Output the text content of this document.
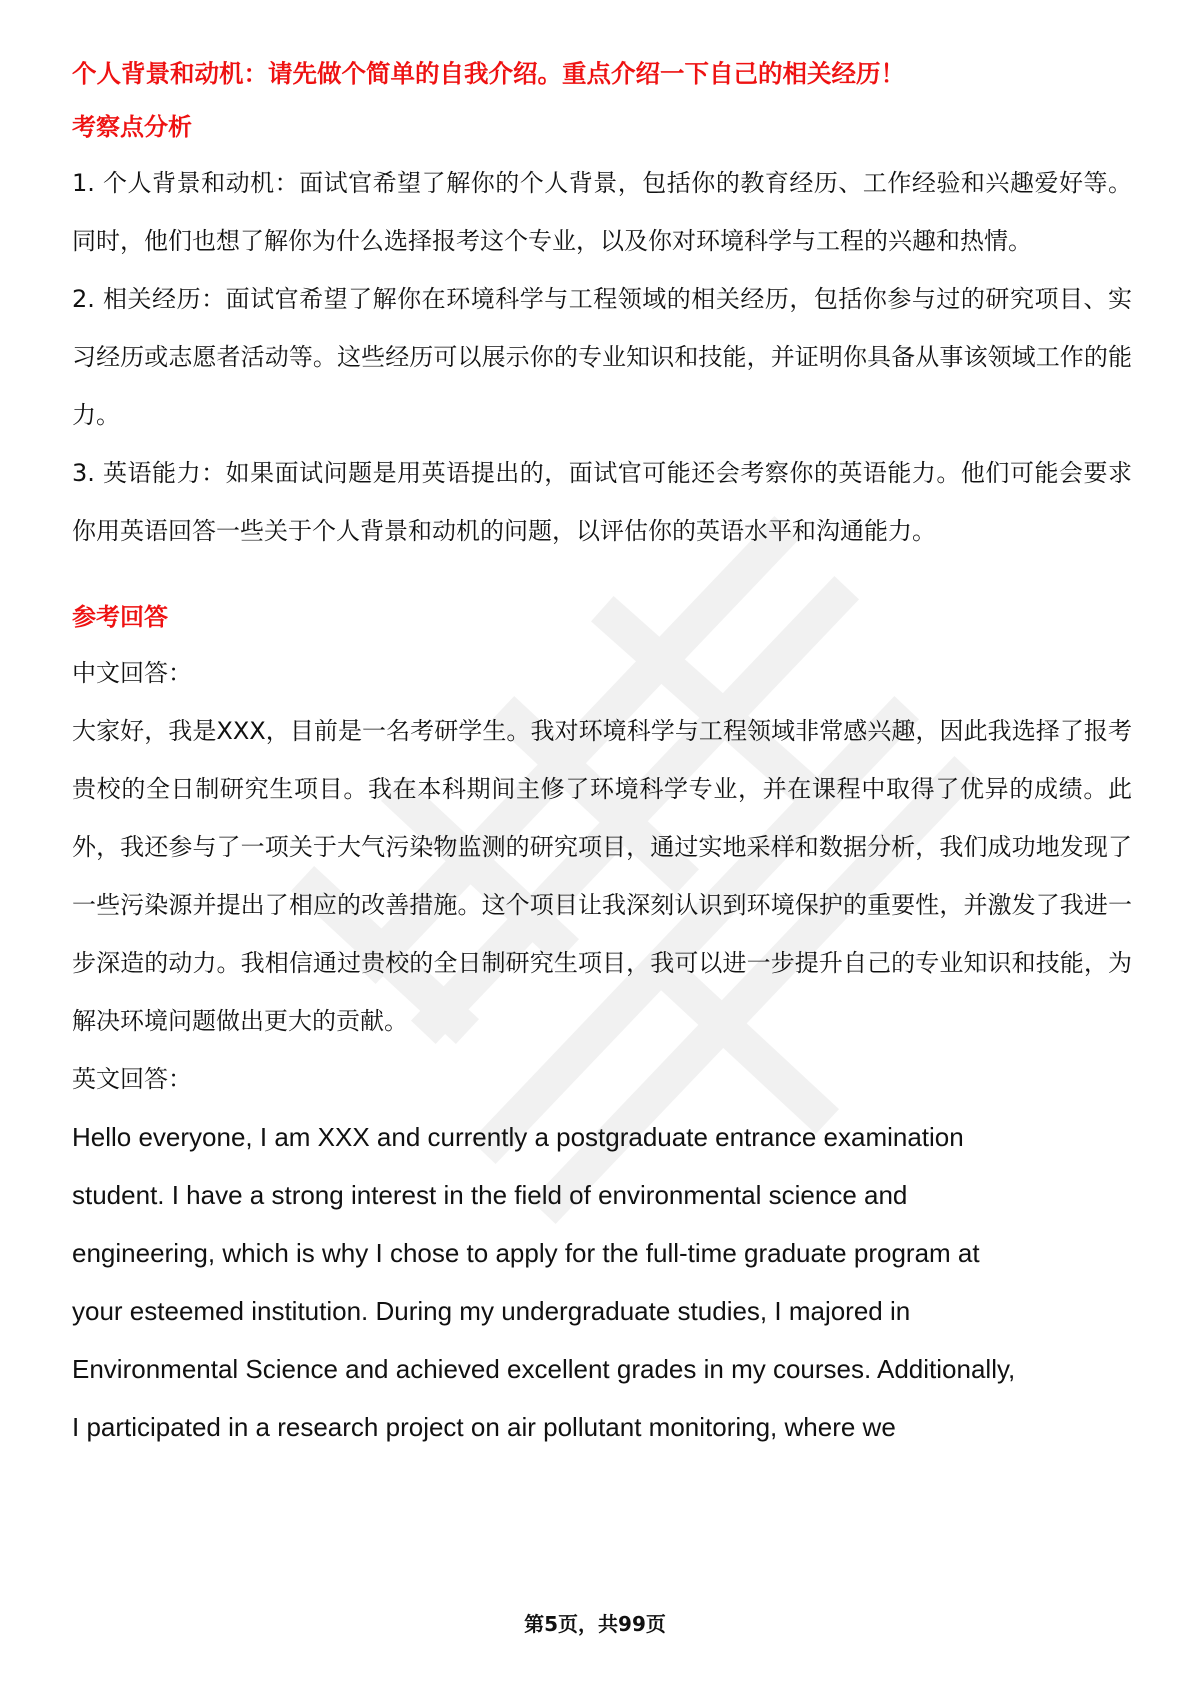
个人背景和动机：请先做个简单的自我介绍。重点介绍一下自己的相关经历！

考察点分析

1. 个人背景和动机：面试官希望了解你的个人背景，包括你的教育经历、工作经验和兴趣爱好等。同时，他们也想了解你为什么选择报考这个专业，以及你对环境科学与工程的兴趣和热情。

2. 相关经历：面试官希望了解你在环境科学与工程领域的相关经历，包括你参与过的研究项目、实习经历或志愿者活动等。这些经历可以展示你的专业知识和技能，并证明你具备从事该领域工作的能力。

3. 英语能力：如果面试问题是用英语提出的，面试官可能还会考察你的英语能力。他们可能会要求你用英语回答一些关于个人背景和动机的问题，以评估你的英语水平和沟通能力。

参考回答

中文回答：

大家好，我是XXX，目前是一名考研学生。我对环境科学与工程领域非常感兴趣，因此我选择了报考贵校的全日制研究生项目。我在本科期间主修了环境科学专业，并在课程中取得了优异的成绩。此外，我还参与了一项关于大气污染物监测的研究项目，通过实地采样和数据分析，我们成功地发现了一些污染源并提出了相应的改善措施。这个项目让我深刻认识到环境保护的重要性，并激发了我进一步深造的动力。我相信通过贵校的全日制研究生项目，我可以进一步提升自己的专业知识和技能，为解决环境问题做出更大的贡献。

英文回答：

Hello everyone, I am XXX and currently a postgraduate entrance examination
student. I have a strong interest in the field of environmental science and
engineering, which is why I chose to apply for the full-time graduate program at
your esteemed institution. During my undergraduate studies, I majored in
Environmental Science and achieved excellent grades in my courses. Additionally,
I participated in a research project on air pollutant monitoring, where we

第5页，共99页
